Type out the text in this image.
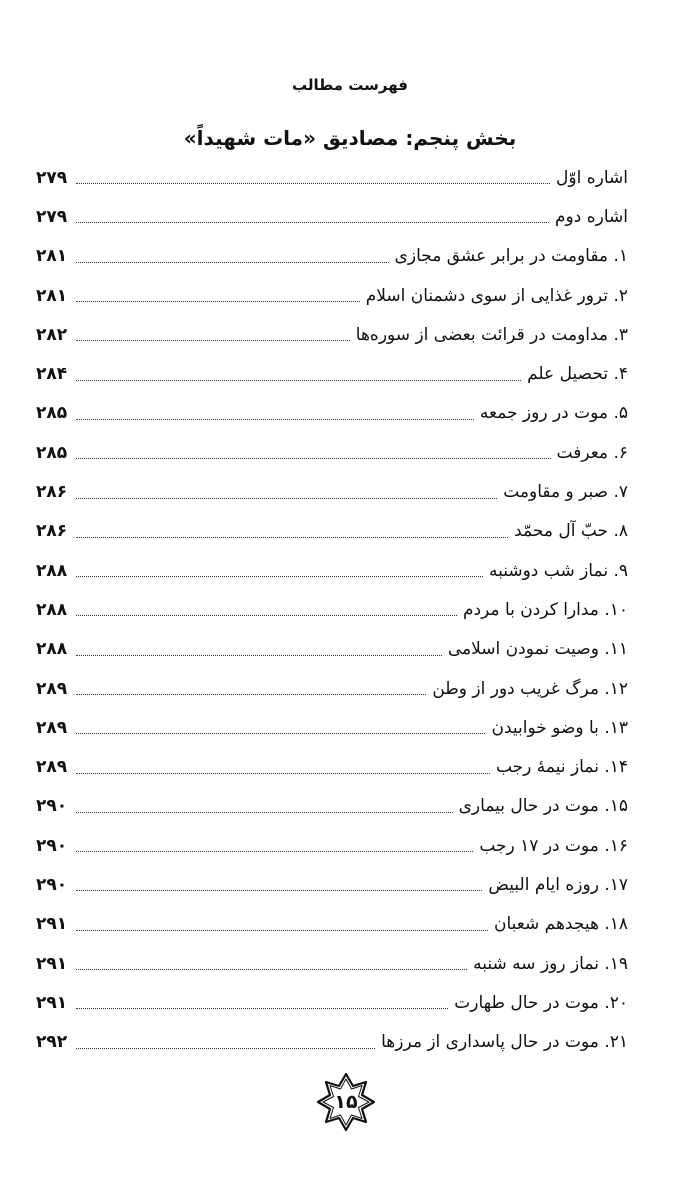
فهرست مطالب
بخش پنجم: مصادیق «مات شهیداً»
اشاره اوّل
۲۷۹
اشاره دوم
۲۷۹
۱. مقاومت در برابر عشق مجازی
۲۸۱
۲. ترور غذایی از سوی دشمنان اسلام
۲۸۱
۳. مداومت در قرائت بعضی از سوره‌ها
۲۸۲
۴. تحصیل علم
۲۸۴
۵. موت در روز جمعه
۲۸۵
۶. معرفت
۲۸۵
۷. صبر و مقاومت
۲۸۶
۸. حبّ آل محمّد
۲۸۶
۹. نماز شب دوشنبه
۲۸۸
۱۰. مدارا کردن با مردم
۲۸۸
۱۱. وصیت نمودن اسلامی
۲۸۸
۱۲. مرگ غریب دور از وطن
۲۸۹
۱۳. با وضو خوابیدن
۲۸۹
۱۴. نماز نیمهٔ رجب
۲۸۹
۱۵. موت در حال بیماری
۲۹۰
۱۶. موت در ۱۷ رجب
۲۹۰
۱۷. روزه ایام البیض
۲۹۰
۱۸. هیجدهم شعبان
۲۹۱
۱۹. نماز روز سه شنبه
۲۹۱
۲۰. موت در حال طهارت
۲۹۱
۲۱. موت در حال پاسداری از مرزها
۲۹۲
۱۵
